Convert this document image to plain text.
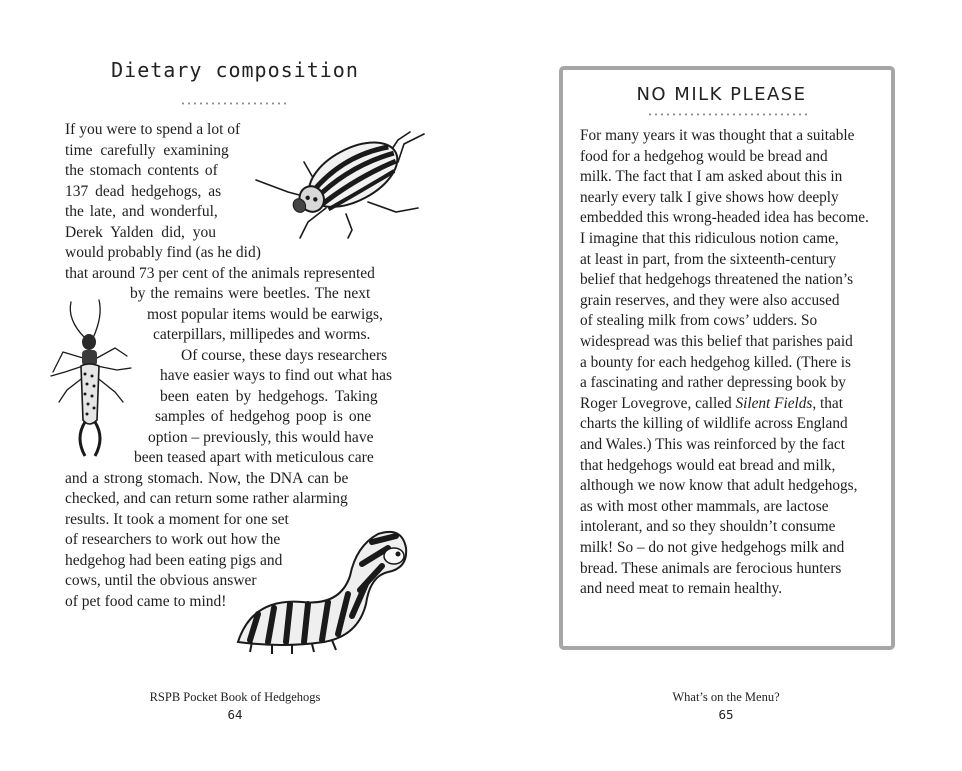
Dietary composition
If you were to spend a lot of
time carefully examining
the stomach contents of
137 dead hedgehogs, as
the late, and wonderful,
Derek Yalden did, you
would probably find (as he did)
that around 73 per cent of the animals represented
by the remains were beetles. The next
most popular items would be earwigs,
caterpillars, millipedes and worms.
Of course, these days researchers
have easier ways to find out what has
been eaten by hedgehogs. Taking
samples of hedgehog poop is one
option – previously, this would have
been teased apart with meticulous care
and a strong stomach. Now, the DNA can be
checked, and can return some rather alarming
results. It took a moment for one set
of researchers to work out how the
hedgehog had been eating pigs and
cows, until the obvious answer
of pet food came to mind!
RSPB Pocket Book of Hedgehogs
64
NO MILK PLEASE
For many years it was thought that a suitable
food for a hedgehog would be bread and
milk. The fact that I am asked about this in
nearly every talk I give shows how deeply
embedded this wrong-headed idea has become.
I imagine that this ridiculous notion came,
at least in part, from the sixteenth-century
belief that hedgehogs threatened the nation’s
grain reserves, and they were also accused
of stealing milk from cows’ udders. So
widespread was this belief that parishes paid
a bounty for each hedgehog killed. (There is
a fascinating and rather depressing book by
Roger Lovegrove, called Silent Fields, that
charts the killing of wildlife across England
and Wales.) This was reinforced by the fact
that hedgehogs would eat bread and milk,
although we now know that adult hedgehogs,
as with most other mammals, are lactose
intolerant, and so they shouldn’t consume
milk! So – do not give hedgehogs milk and
bread. These animals are ferocious hunters
and need meat to remain healthy.
What’s on the Menu?
65
